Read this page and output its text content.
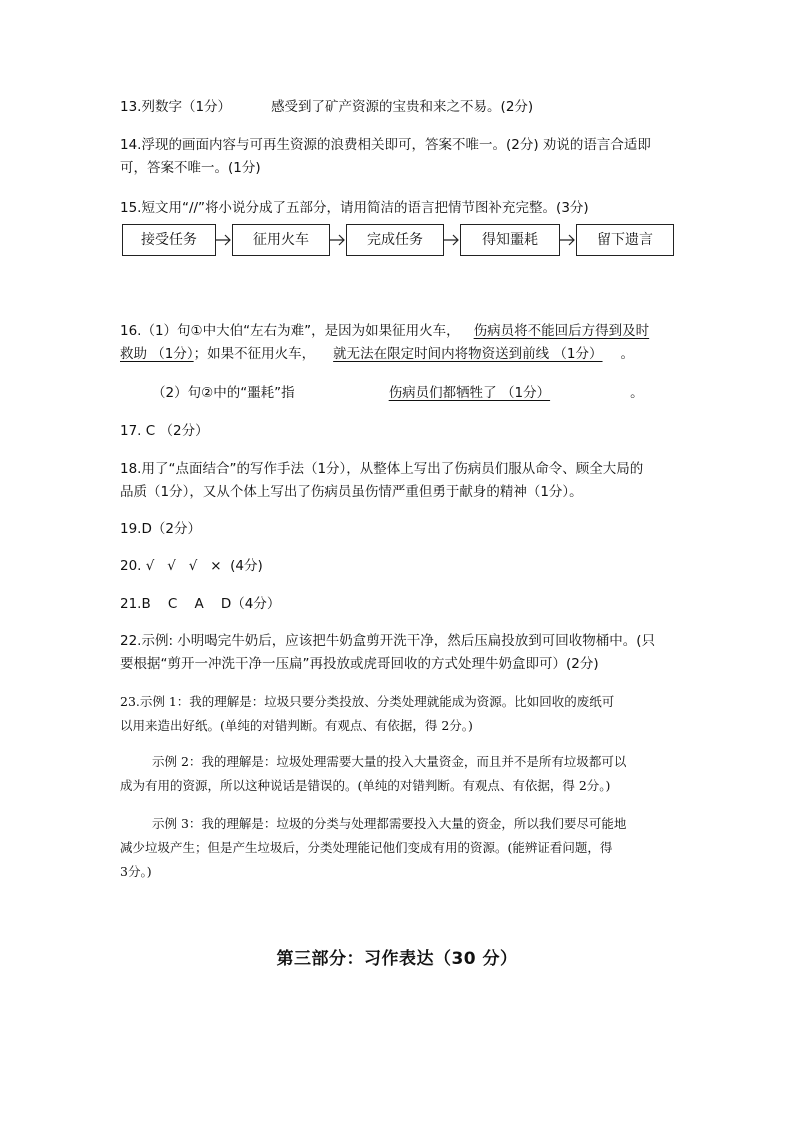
13.列数字（1分）	感受到了矿产资源的宝贵和来之不易。(2分)

14.浮现的画面内容与可再生资源的浪费相关即可，答案不唯一。(2分) 劝说的语言合适即
可，答案不唯一。(1分)

15.短文用“//”将小说分成了五部分，请用简洁的语言把情节图补充完整。(3分)

接受任务	征用火车	完成任务	得知噩耗	留下遗言

16.（1）句①中大伯“左右为难”，是因为如果征用火车， 伤病员将不能回后方得到及时
救助 （1分）；如果不征用火车， 就无法在限定时间内将物资送到前线 （1分） 。

（2）句②中的“噩耗”指	伤病员们都牺牲了 （1分）	。

17. C （2分）

18.用了“点面结合”的写作手法（1分），从整体上写出了伤病员们服从命令、顾全大局的
品质（1分），又从个体上写出了伤病员虽伤情严重但勇于献身的精神（1分）。

19.D（2分）

20. √   √   √   ×  (4分)

21.B    C    A    D（4分）

22.示例: 小明喝完牛奶后，应该把牛奶盒剪开洗干净，然后压扁投放到可回收物桶中。(只
要根据“剪开一冲洗干净一压扁”再投放或虎哥回收的方式处理牛奶盒即可）(2分)

23.示例 1：我的理解是：垃圾只要分类投放、分类处理就能成为资源。比如回收的废纸可
以用来造出好纸。(单纯的对错判断。有观点、有依据，得 2分。)

示例 2：我的理解是：垃圾处理需要大量的投入大量资金，而且并不是所有垃圾都可以
成为有用的资源，所以这种说话是错误的。(单纯的对错判断。有观点、有依据，得 2分。)

示例 3：我的理解是：垃圾的分类与处理都需要投入大量的资金，所以我们要尽可能地
减少垃圾产生；但是产生垃圾后，分类处理能记他们变成有用的资源。(能辨证看问题，得
3分。)

第三部分：习作表达（30 分）
